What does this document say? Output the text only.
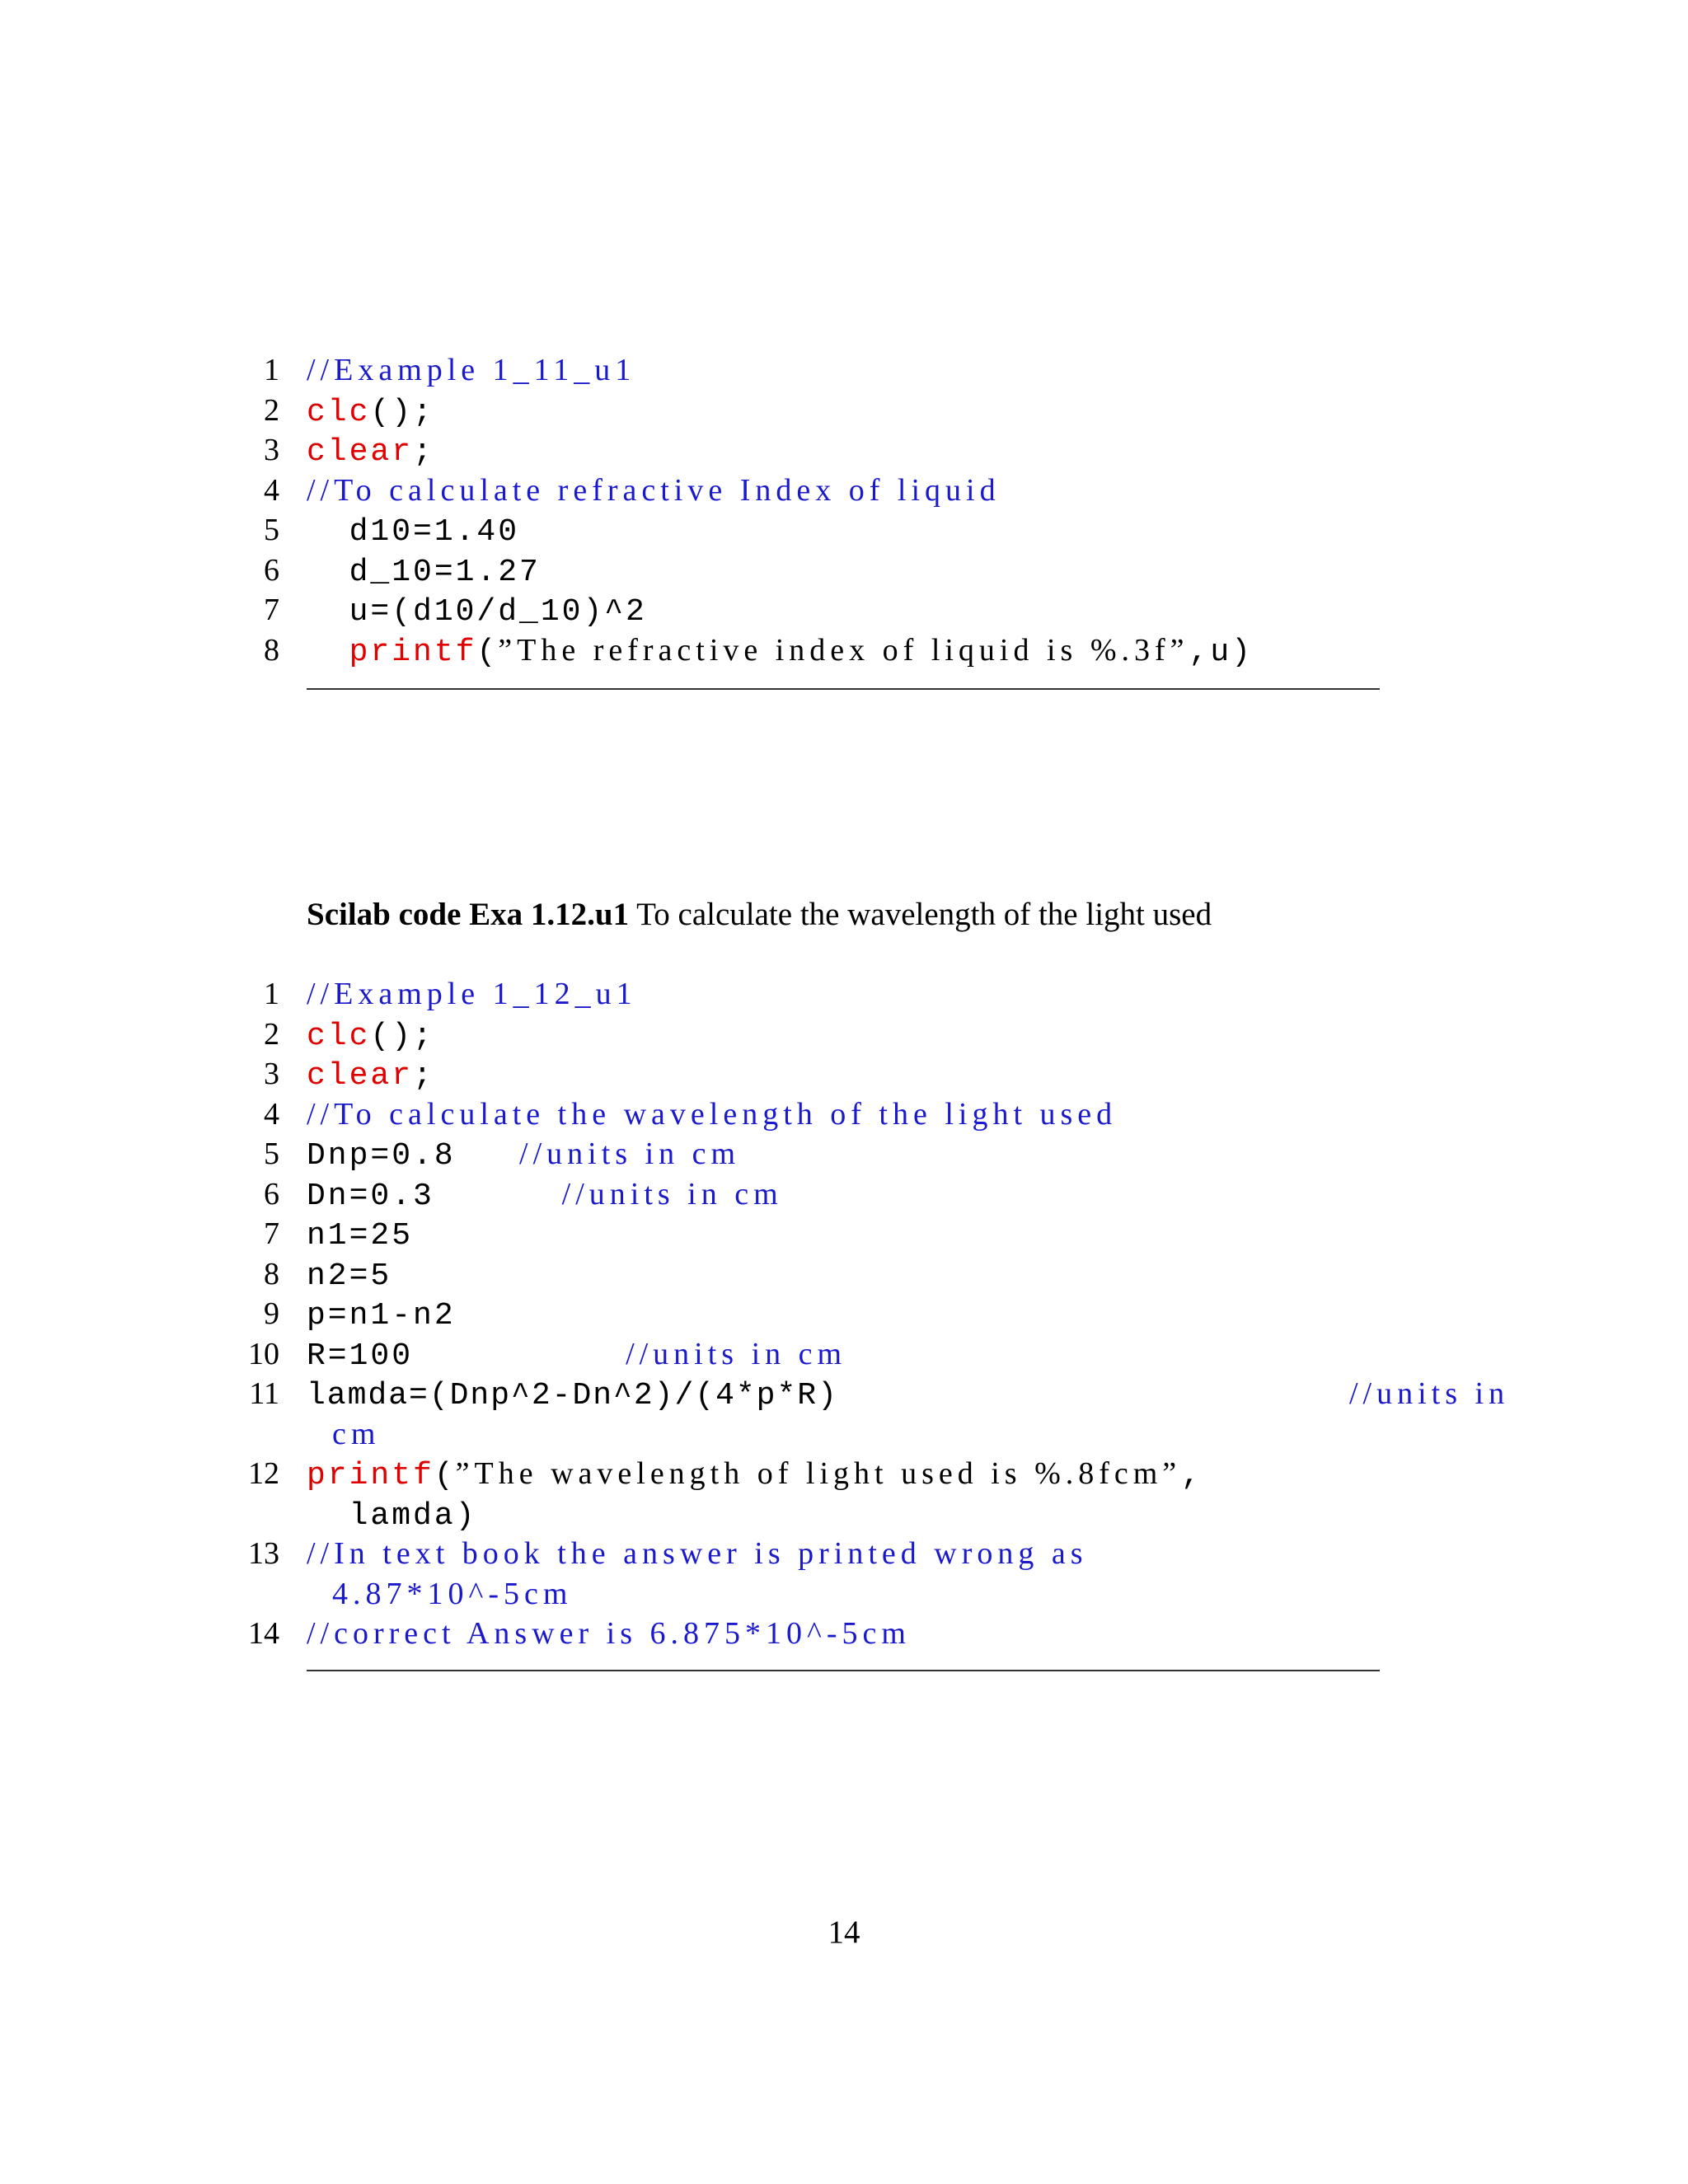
1 //Example 1_11_u1
2 clc();
3 clear;
4 //To calculate refractive Index of liquid
5 d10=1.40
6 d_10=1.27
7 u=(d10/d_10)^2
8	printf(”The refractive index of liquid is %.3f”,u)
Scilab code Exa 1.12.u1 To calculate the wavelength of the light used
1 //Example 1_12_u1
2 clc();
3 clear;
4 //To calculate the wavelength of the light used
5 Dnp=0.8   //units in cm
6 Dn=0.3      //units in cm
7 n1=25
8 n2=5
9 p=n1-n2
10 R=100          //units in cm
11 lamda=(Dnp^2-Dn^2)/(4*p*R)                         //units in
cm
12 printf(”The wavelength of light used is %.8fcm”,
lamda)
13 //In text book the answer is printed wrong as
4.87*10^-5cm
14 //correct Answer is 6.875*10^-5cm
14
